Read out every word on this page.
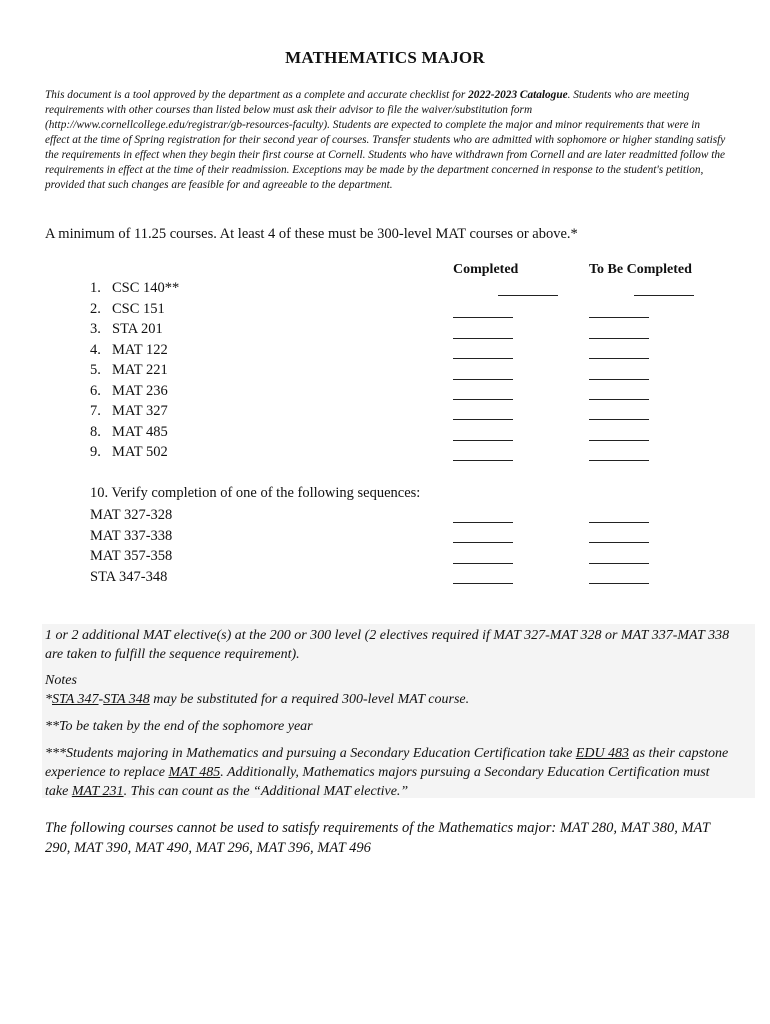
MATHEMATICS MAJOR
This document is a tool approved by the department as a complete and accurate checklist for 2022-2023 Catalogue. Students who are meeting requirements with other courses than listed below must ask their advisor to file the waiver/substitution form (http://www.cornellcollege.edu/registrar/gb-resources-faculty). Students are expected to complete the major and minor requirements that were in effect at the time of Spring registration for their second year of courses. Transfer students who are admitted with sophomore or higher standing satisfy the requirements in effect when they begin their first course at Cornell. Students who have withdrawn from Cornell and are later readmitted follow the requirements in effect at the time of their readmission. Exceptions may be made by the department concerned in response to the student's petition, provided that such changes are feasible for and agreeable to the department.
A minimum of 11.25 courses. At least 4 of these must be 300-level MAT courses or above.*
Completed	To Be Completed
1. CSC 140**
2. CSC 151
3. STA 201
4. MAT 122
5. MAT 221
6. MAT 236
7. MAT 327
8. MAT 485
9. MAT 502
10. Verify completion of one of the following sequences:
MAT 327-328
MAT 337-338
MAT 357-358
STA 347-348
1 or 2 additional MAT elective(s) at the 200 or 300 level (2 electives required if MAT 327-MAT 328 or MAT 337-MAT 338 are taken to fulfill the sequence requirement).
Notes
*STA 347-STA 348 may be substituted for a required 300-level MAT course.
**To be taken by the end of the sophomore year
***Students majoring in Mathematics and pursuing a Secondary Education Certification take EDU 483 as their capstone experience to replace MAT 485. Additionally, Mathematics majors pursuing a Secondary Education Certification must take MAT 231. This can count as the “Additional MAT elective.”
The following courses cannot be used to satisfy requirements of the Mathematics major: MAT 280, MAT 380, MAT 290, MAT 390, MAT 490, MAT 296, MAT 396, MAT 496
